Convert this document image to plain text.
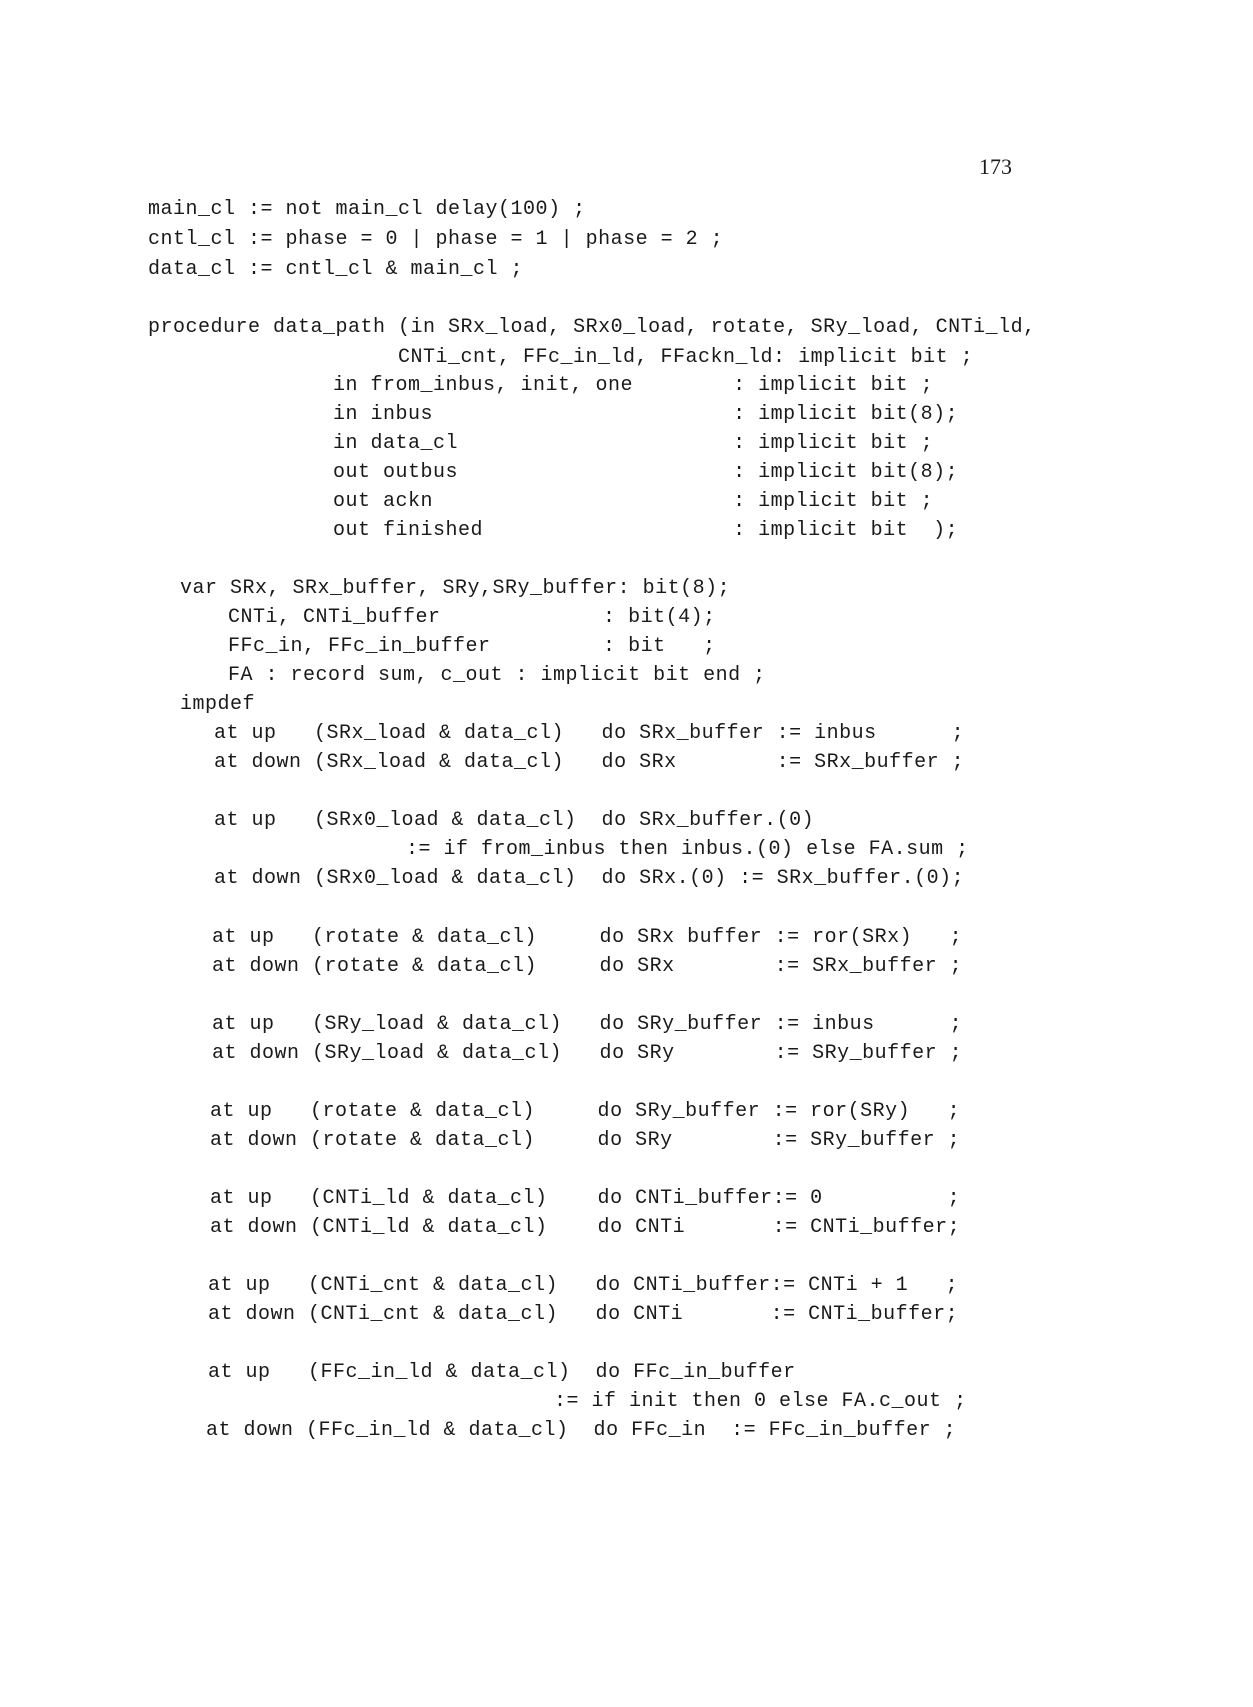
173
main_cl := not main_cl delay(100) ;
cntl_cl := phase = 0 | phase = 1 | phase = 2 ;
data_cl := cntl_cl & main_cl ;
procedure data_path (in SRx_load, SRx0_load, rotate, SRy_load, CNTi_ld,
CNTi_cnt, FFc_in_ld, FFackn_ld: implicit bit ;
in from_inbus, init, one        : implicit bit ;
in inbus                        : implicit bit(8);
in data_cl                      : implicit bit ;
out outbus                      : implicit bit(8);
out ackn                        : implicit bit ;
out finished                    : implicit bit  );
var SRx, SRx_buffer, SRy,SRy_buffer: bit(8);
CNTi, CNTi_buffer             : bit(4);
FFc_in, FFc_in_buffer         : bit   ;
FA : record sum, c_out : implicit bit end ;
impdef
at up   (SRx_load & data_cl)   do SRx_buffer := inbus      ;
at down (SRx_load & data_cl)   do SRx        := SRx_buffer ;
at up   (SRx0_load & data_cl)  do SRx_buffer.(0)
:= if from_inbus then inbus.(0) else FA.sum ;
at down (SRx0_load & data_cl)  do SRx.(0) := SRx_buffer.(0);
at up   (rotate & data_cl)     do SRx buffer := ror(SRx)   ;
at down (rotate & data_cl)     do SRx        := SRx_buffer ;
at up   (SRy_load & data_cl)   do SRy_buffer := inbus      ;
at down (SRy_load & data_cl)   do SRy        := SRy_buffer ;
at up   (rotate & data_cl)     do SRy_buffer := ror(SRy)   ;
at down (rotate & data_cl)     do SRy        := SRy_buffer ;
at up   (CNTi_ld & data_cl)    do CNTi_buffer:= 0          ;
at down (CNTi_ld & data_cl)    do CNTi       := CNTi_buffer;
at up   (CNTi_cnt & data_cl)   do CNTi_buffer:= CNTi + 1   ;
at down (CNTi_cnt & data_cl)   do CNTi       := CNTi_buffer;
at up   (FFc_in_ld & data_cl)  do FFc_in_buffer
:= if init then 0 else FA.c_out ;
at down (FFc_in_ld & data_cl)  do FFc_in  := FFc_in_buffer ;
